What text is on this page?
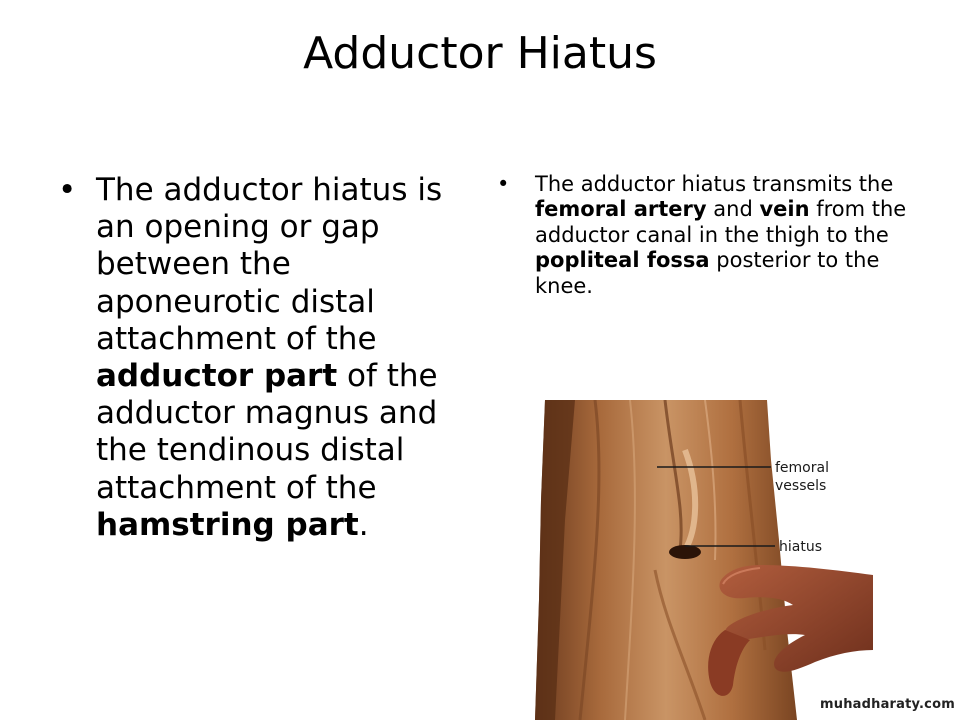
Adductor Hiatus
• The adductor hiatus is an opening or gap between the aponeurotic distal attachment of the adductor part of the adductor magnus and the tendinous distal attachment of the hamstring part.
•	The adductor hiatus transmits the femoral artery and vein from the adductor canal in the thigh to the popliteal fossa posterior to the knee.
femoral
vessels
hiatus
muhadharaty.com
